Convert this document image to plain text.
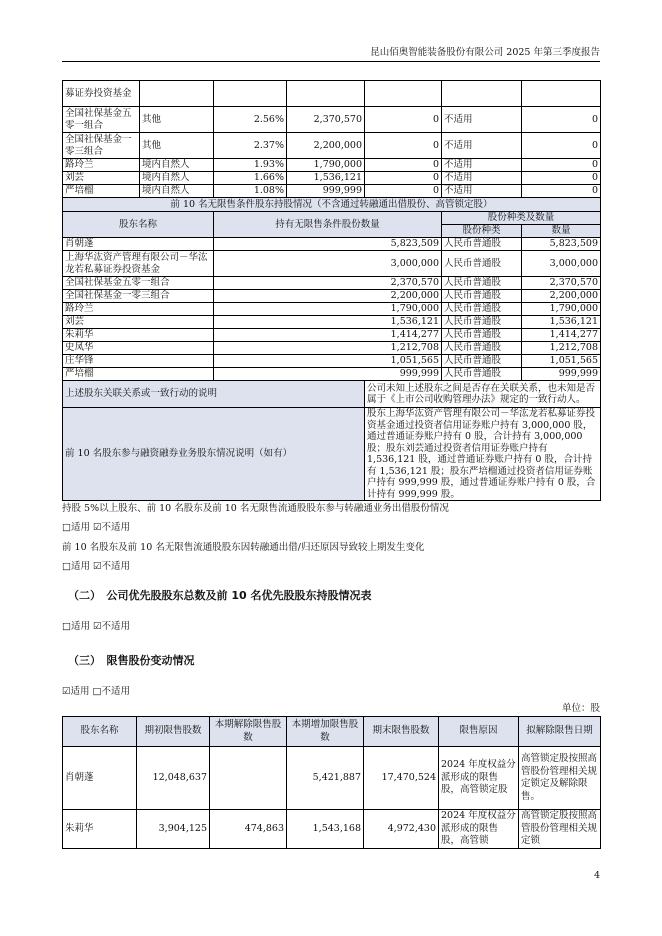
昆山佰奥智能装备股份有限公司 2025 年第三季度报告
募证券投资基金						
全国社保基金五零一组合	其他	2.56%	2,370,570	0	不适用	0
全国社保基金一零三组合	其他	2.37%	2,200,000	0	不适用	0
路玲兰	境内自然人	1.93%	1,790,000	0	不适用	0
刘芸	境内自然人	1.66%	1,536,121	0	不适用	0
严培榴	境内自然人	1.08%	999,999	0	不适用	0
前 10 名无限售条件股东持股情况（不含通过转融通出借股份、高管锁定股）						
股东名称		持有无限售条件股份数量			股份种类及数量	
					股份种类	数量
肖朝蓬		5,823,509			人民币普通股	5,823,509
上海华汯资产管理有限公司－华汯龙若私募证券投资基金		3,000,000			人民币普通股	3,000,000
全国社保基金五零一组合		2,370,570			人民币普通股	2,370,570
全国社保基金一零三组合		2,200,000			人民币普通股	2,200,000
路玲兰		1,790,000			人民币普通股	1,790,000
刘芸		1,536,121			人民币普通股	1,536,121
朱莉华		1,414,277			人民币普通股	1,414,277
史凤华		1,212,708			人民币普通股	1,212,708
庄华锋		1,051,565			人民币普通股	1,051,565
严培榴		999,999			人民币普通股	999,999
上述股东关联关系或一致行动的说明				公司未知上述股东之间是否存在关联关系，也未知是否属于《上市公司收购管理办法》规定的一致行动人。		
前 10 名股东参与融资融券业务股东情况说明（如有）				股东上海华汯资产管理有限公司－华汯龙若私募证券投资基金通过投资者信用证券账户持有 3,000,000 股，通过普通证券账户持有 0 股，合计持有 3,000,000 股；股东刘芸通过投资者信用证券账户持有 1,536,121 股，通过普通证券账户持有 0 股，合计持有 1,536,121 股；股东严培榴通过投资者信用证券账户持有 999,999 股，通过普通证券账户持有 0 股，合计持有 999,999 股。		
持股 5%以上股东、前 10 名股东及前 10 名无限售流通股股东参与转融通业务出借股份情况
□适用 ☑不适用
前 10 名股东及前 10 名无限售流通股股东因转融通出借/归还原因导致较上期发生变化
□适用 ☑不适用
（二）　公司优先股股东总数及前 10 名优先股股东持股情况表
□适用 ☑不适用
（三）　限售股份变动情况
☑适用 □不适用
单位：股
股东名称	期初限售股数	本期解除限售股数	本期增加限售股数	期末限售股数	限售原因	拟解除限售日期
肖朝蓬	12,048,637		5,421,887	17,470,524	2024 年度权益分派形成的限售股，高管锁定股	高管锁定股按照高管股份管理相关规定锁定及解除限售。
朱莉华	3,904,125	474,863	1,543,168	4,972,430	2024 年度权益分派形成的限售股，高管锁	高管锁定股按照高管股份管理相关规定锁
4
